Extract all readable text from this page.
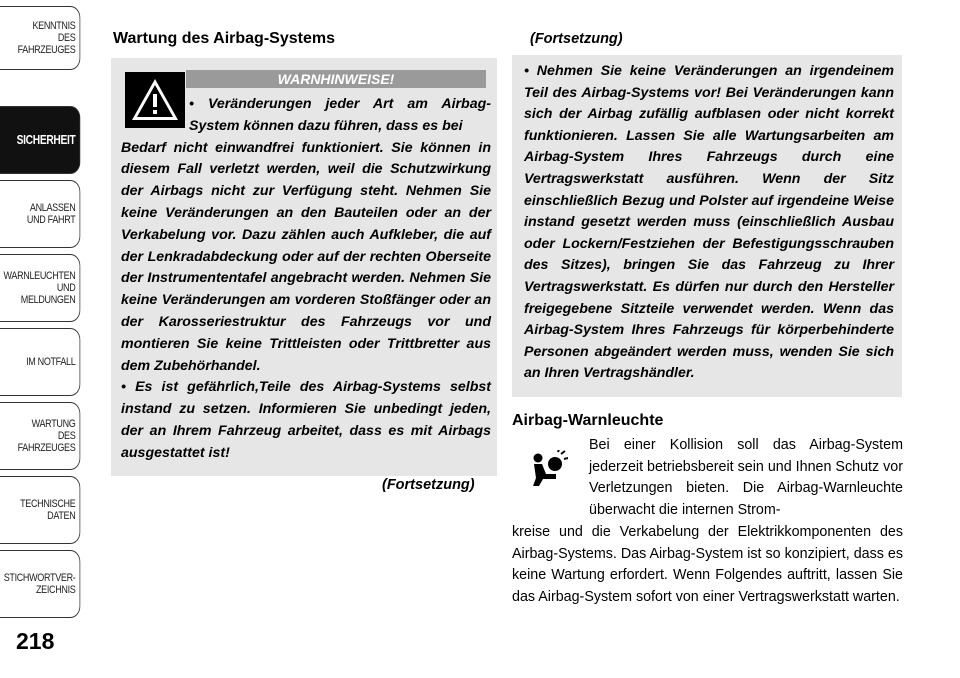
KENNTNIS
DES
FAHRZEUGES
SICHERHEIT
ANLASSEN
UND FAHRT
WARNLEUCHTEN
UND
MELDUNGEN
IM NOTFALL
WARTUNG
DES
FAHRZEUGES
TECHNISCHE
DATEN
STICHWORTVER-
ZEICHNIS
218
Wartung des Airbag-Systems
WARNHINWEISE!
• Veränderungen jeder Art am Airbag-System können dazu führen, dass es bei
Bedarf nicht einwandfrei funktioniert. Sie können in diesem Fall verletzt werden, weil die Schutzwirkung der Airbags nicht zur Verfügung steht. Nehmen Sie keine Veränderungen an den Bauteilen oder an der Verkabelung vor. Dazu zählen auch Aufkleber, die auf der Lenkradabdeckung oder auf der rechten Oberseite der Instrumententafel angebracht werden. Nehmen Sie keine Veränderungen am vorderen Stoßfänger oder an der Karosseriestruktur des Fahrzeugs vor und montieren Sie keine Trittleisten oder Trittbretter aus dem Zubehörhandel.
• Es ist gefährlich,Teile des Airbag-Systems selbst instand zu setzen. Informieren Sie unbedingt jeden, der an Ihrem Fahrzeug arbeitet, dass es mit Airbags ausgestattet ist!
(Fortsetzung)
(Fortsetzung)
• Nehmen Sie keine Veränderungen an irgendeinem Teil des Airbag-Systems vor! Bei Veränderungen kann sich der Airbag zufällig aufblasen oder nicht korrekt funktionieren. Lassen Sie alle Wartungsarbeiten am Airbag-System Ihres Fahrzeugs durch eine Vertragswerkstatt ausführen. Wenn der Sitz einschließlich Bezug und Polster auf irgendeine Weise instand gesetzt werden muss (einschließlich Ausbau oder Lockern/Festziehen der Befestigungsschrauben des Sitzes), bringen Sie das Fahrzeug zu Ihrer Vertragswerkstatt. Es dürfen nur durch den Hersteller freigegebene Sitzteile verwendet werden. Wenn das Airbag-System Ihres Fahrzeugs für körperbehinderte Personen abgeändert werden muss, wenden Sie sich an Ihren Vertragshändler.
Airbag-Warnleuchte
Bei einer Kollision soll das Airbag-System jederzeit betriebsbereit sein und Ihnen Schutz vor Verletzungen bieten. Die Airbag-Warnleuchte überwacht die internen Strom-
kreise und die Verkabelung der Elektrikkomponenten des Airbag-Systems. Das Airbag-System ist so konzipiert, dass es keine Wartung erfordert. Wenn Folgendes auftritt, lassen Sie das Airbag-System sofort von einer Vertragswerkstatt warten.
